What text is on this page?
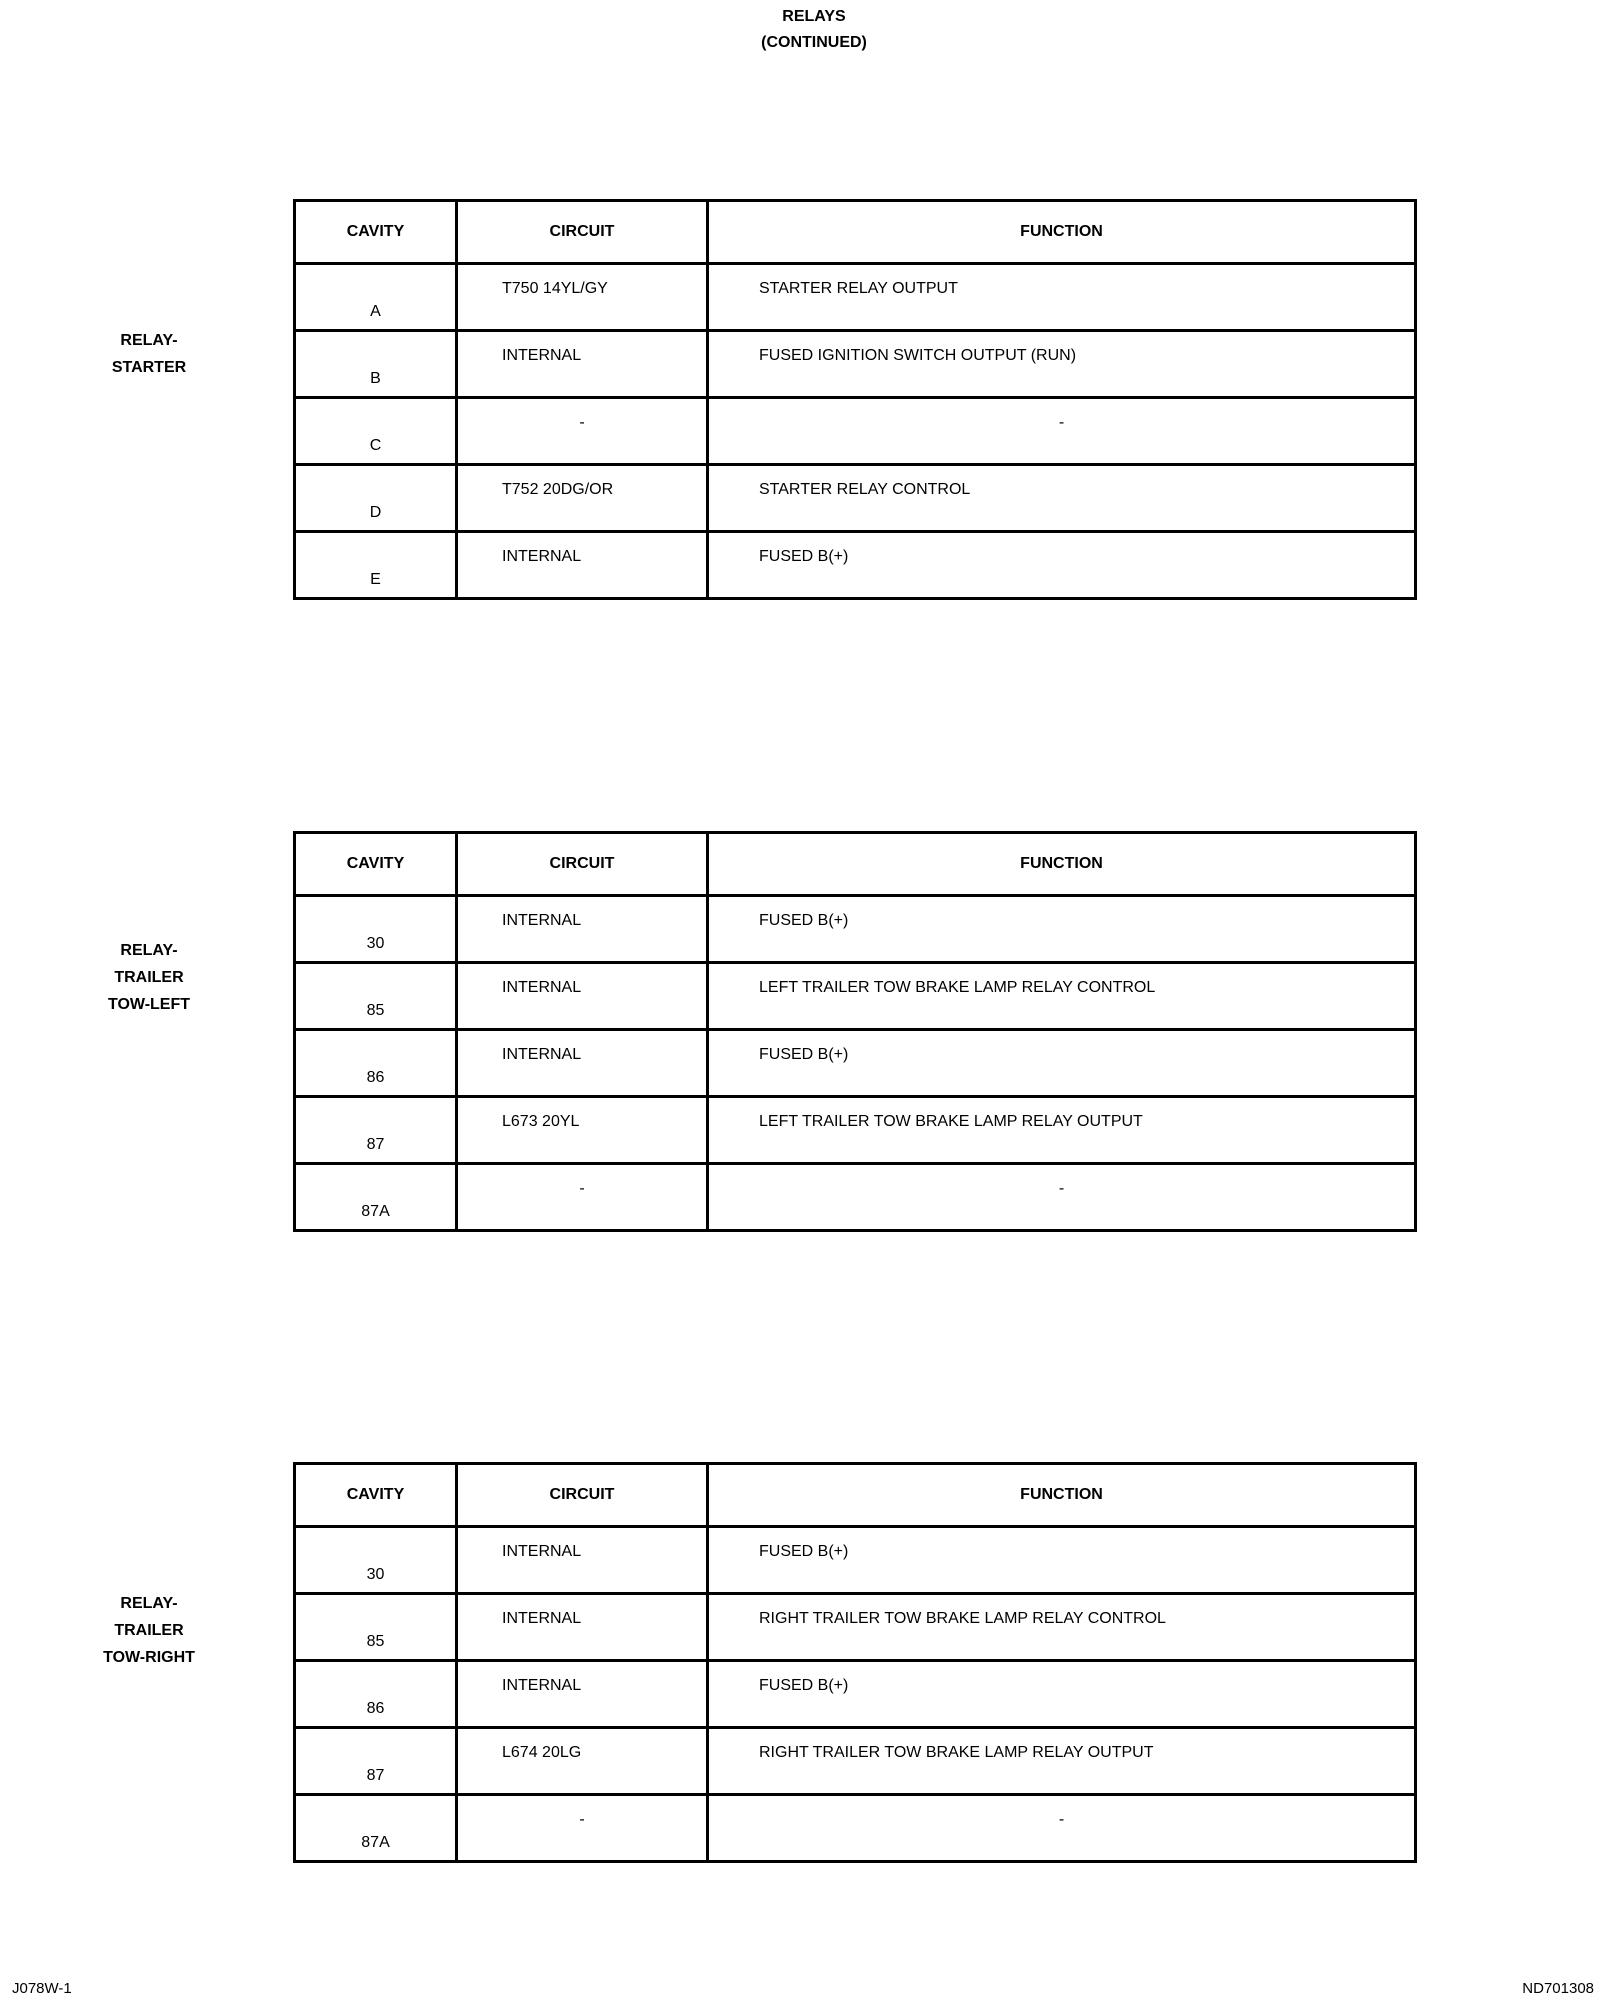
RELAYS
(CONTINUED)
RELAY-
STARTER
CAVITY	CIRCUIT	FUNCTION
A	T750 14YL/GY	STARTER RELAY OUTPUT
B	INTERNAL	FUSED IGNITION SWITCH OUTPUT (RUN)
C	-	-
D	T752 20DG/OR	STARTER RELAY CONTROL
E	INTERNAL	FUSED B(+)
RELAY-
TRAILER
TOW-LEFT
CAVITY	CIRCUIT	FUNCTION
30	INTERNAL	FUSED B(+)
85	INTERNAL	LEFT TRAILER TOW BRAKE LAMP RELAY CONTROL
86	INTERNAL	FUSED B(+)
87	L673 20YL	LEFT TRAILER TOW BRAKE LAMP RELAY OUTPUT
87A	-	-
RELAY-
TRAILER
TOW-RIGHT
CAVITY	CIRCUIT	FUNCTION
30	INTERNAL	FUSED B(+)
85	INTERNAL	RIGHT TRAILER TOW BRAKE LAMP RELAY CONTROL
86	INTERNAL	FUSED B(+)
87	L674 20LG	RIGHT TRAILER TOW BRAKE LAMP RELAY OUTPUT
87A	-	-
J078W-1	ND701308
